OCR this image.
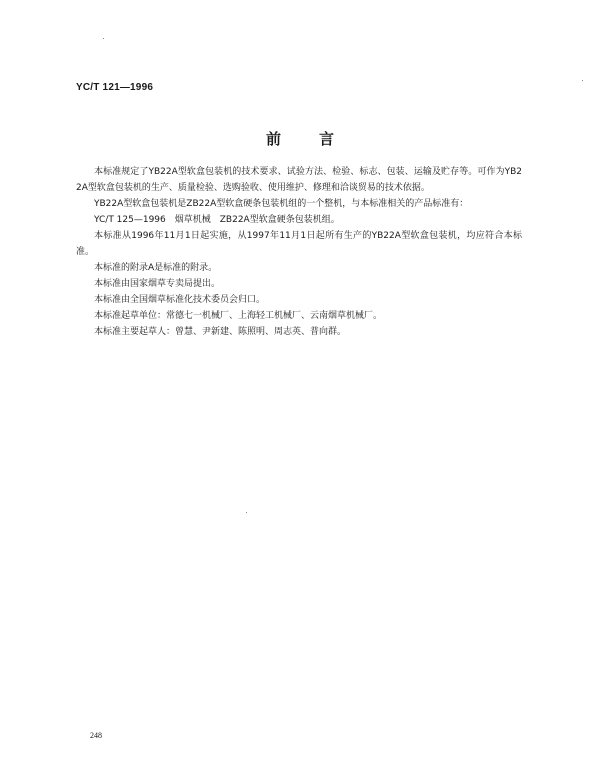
YC/T 121—1996
前言

本标准规定了YB22A型软盒包装机的技术要求、试验方法、检验、标志、包装、运输及贮存等。可作为YB22A型软盒包装机的生产、质量检验、选购验收、使用维护、修理和洽谈贸易的技术依据。

YB22A型软盒包装机是ZB22A型软盒硬条包装机组的一个整机，与本标准相关的产品标准有：

YC/T 125—1996　烟草机械　ZB22A型软盒硬条包装机组。

本标准从1996年11月1日起实施，从1997年11月1日起所有生产的YB22A型软盒包装机，均应符合本标准。

本标准的附录A是标准的附录。

本标准由国家烟草专卖局提出。

本标准由全国烟草标准化技术委员会归口。

本标准起草单位：常德七一机械厂、上海轻工机械厂、云南烟草机械厂。

本标准主要起草人：曾慧、尹新建、陈照明、周志英、普向群。

248
